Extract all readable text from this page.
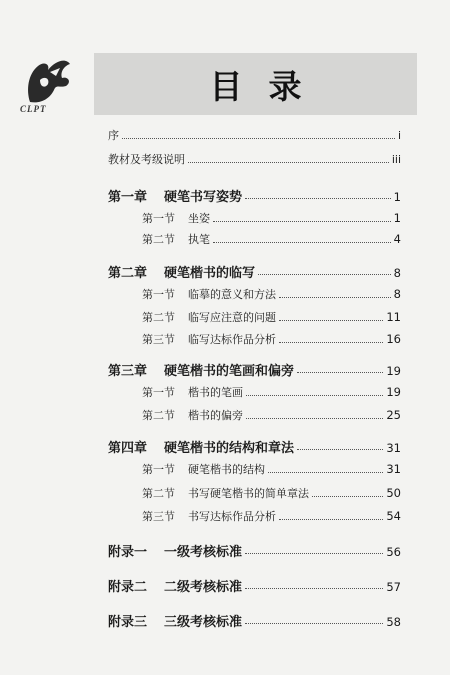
CLPT
目录
序	i
教材及考级说明	iii
第一章 硬笔书写姿势	1
第一节 坐姿	1
第二节 执笔	4
第二章 硬笔楷书的临写	8
第一节 临摹的意义和方法	8
第二节 临写应注意的问题	11
第三节 临写达标作品分析	16
第三章 硬笔楷书的笔画和偏旁	19
第一节 楷书的笔画	19
第二节 楷书的偏旁	25
第四章 硬笔楷书的结构和章法	31
第一节 硬笔楷书的结构	31
第二节 书写硬笔楷书的简单章法	50
第三节 书写达标作品分析	54
附录一 一级考核标准	56
附录二 二级考核标准	57
附录三 三级考核标准	58
